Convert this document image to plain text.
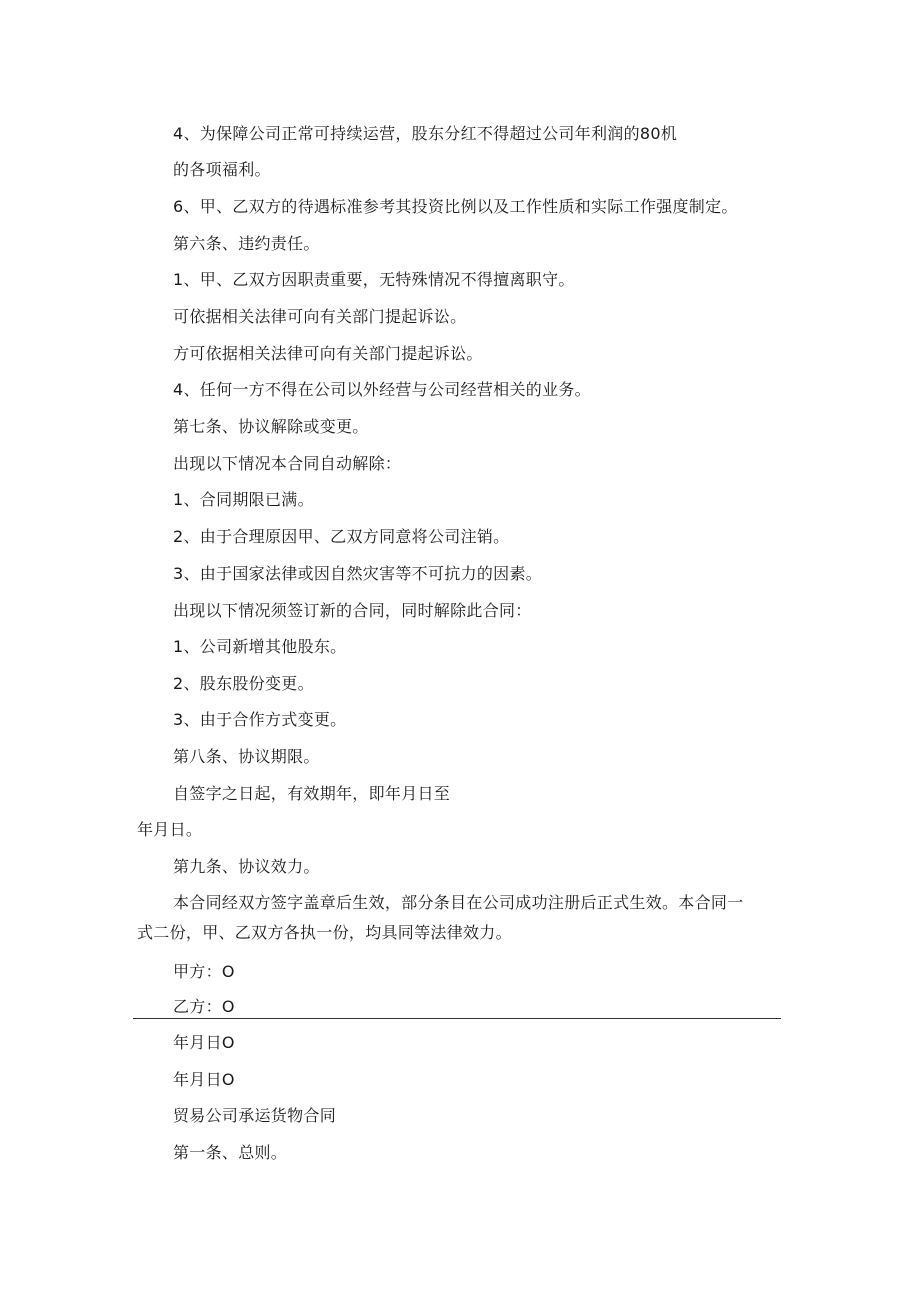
4、为保障公司正常可持续运营，股东分红不得超过公司年利润的80机
的各项福利。
6、甲、乙双方的待遇标准参考其投资比例以及工作性质和实际工作强度制定。
第六条、违约责任。
1、甲、乙双方因职责重要，无特殊情况不得擅离职守。
可依据相关法律可向有关部门提起诉讼。
方可依据相关法律可向有关部门提起诉讼。
4、任何一方不得在公司以外经营与公司经营相关的业务。
第七条、协议解除或变更。
出现以下情况本合同自动解除：
1、合同期限已满。
2、由于合理原因甲、乙双方同意将公司注销。
3、由于国家法律或因自然灾害等不可抗力的因素。
出现以下情况须签订新的合同，同时解除此合同：
1、公司新增其他股东。
2、股东股份变更。
3、由于合作方式变更。
第八条、协议期限。
自签字之日起，有效期年，即年月日至
年月日。
第九条、协议效力。
本合同经双方签字盖章后生效，部分条目在公司成功注册后正式生效。本合同一
式二份，甲、乙双方各执一份，均具同等法律效力。
甲方：O
乙方：O
年月日O
年月日O
贸易公司承运货物合同
第一条、总则。
